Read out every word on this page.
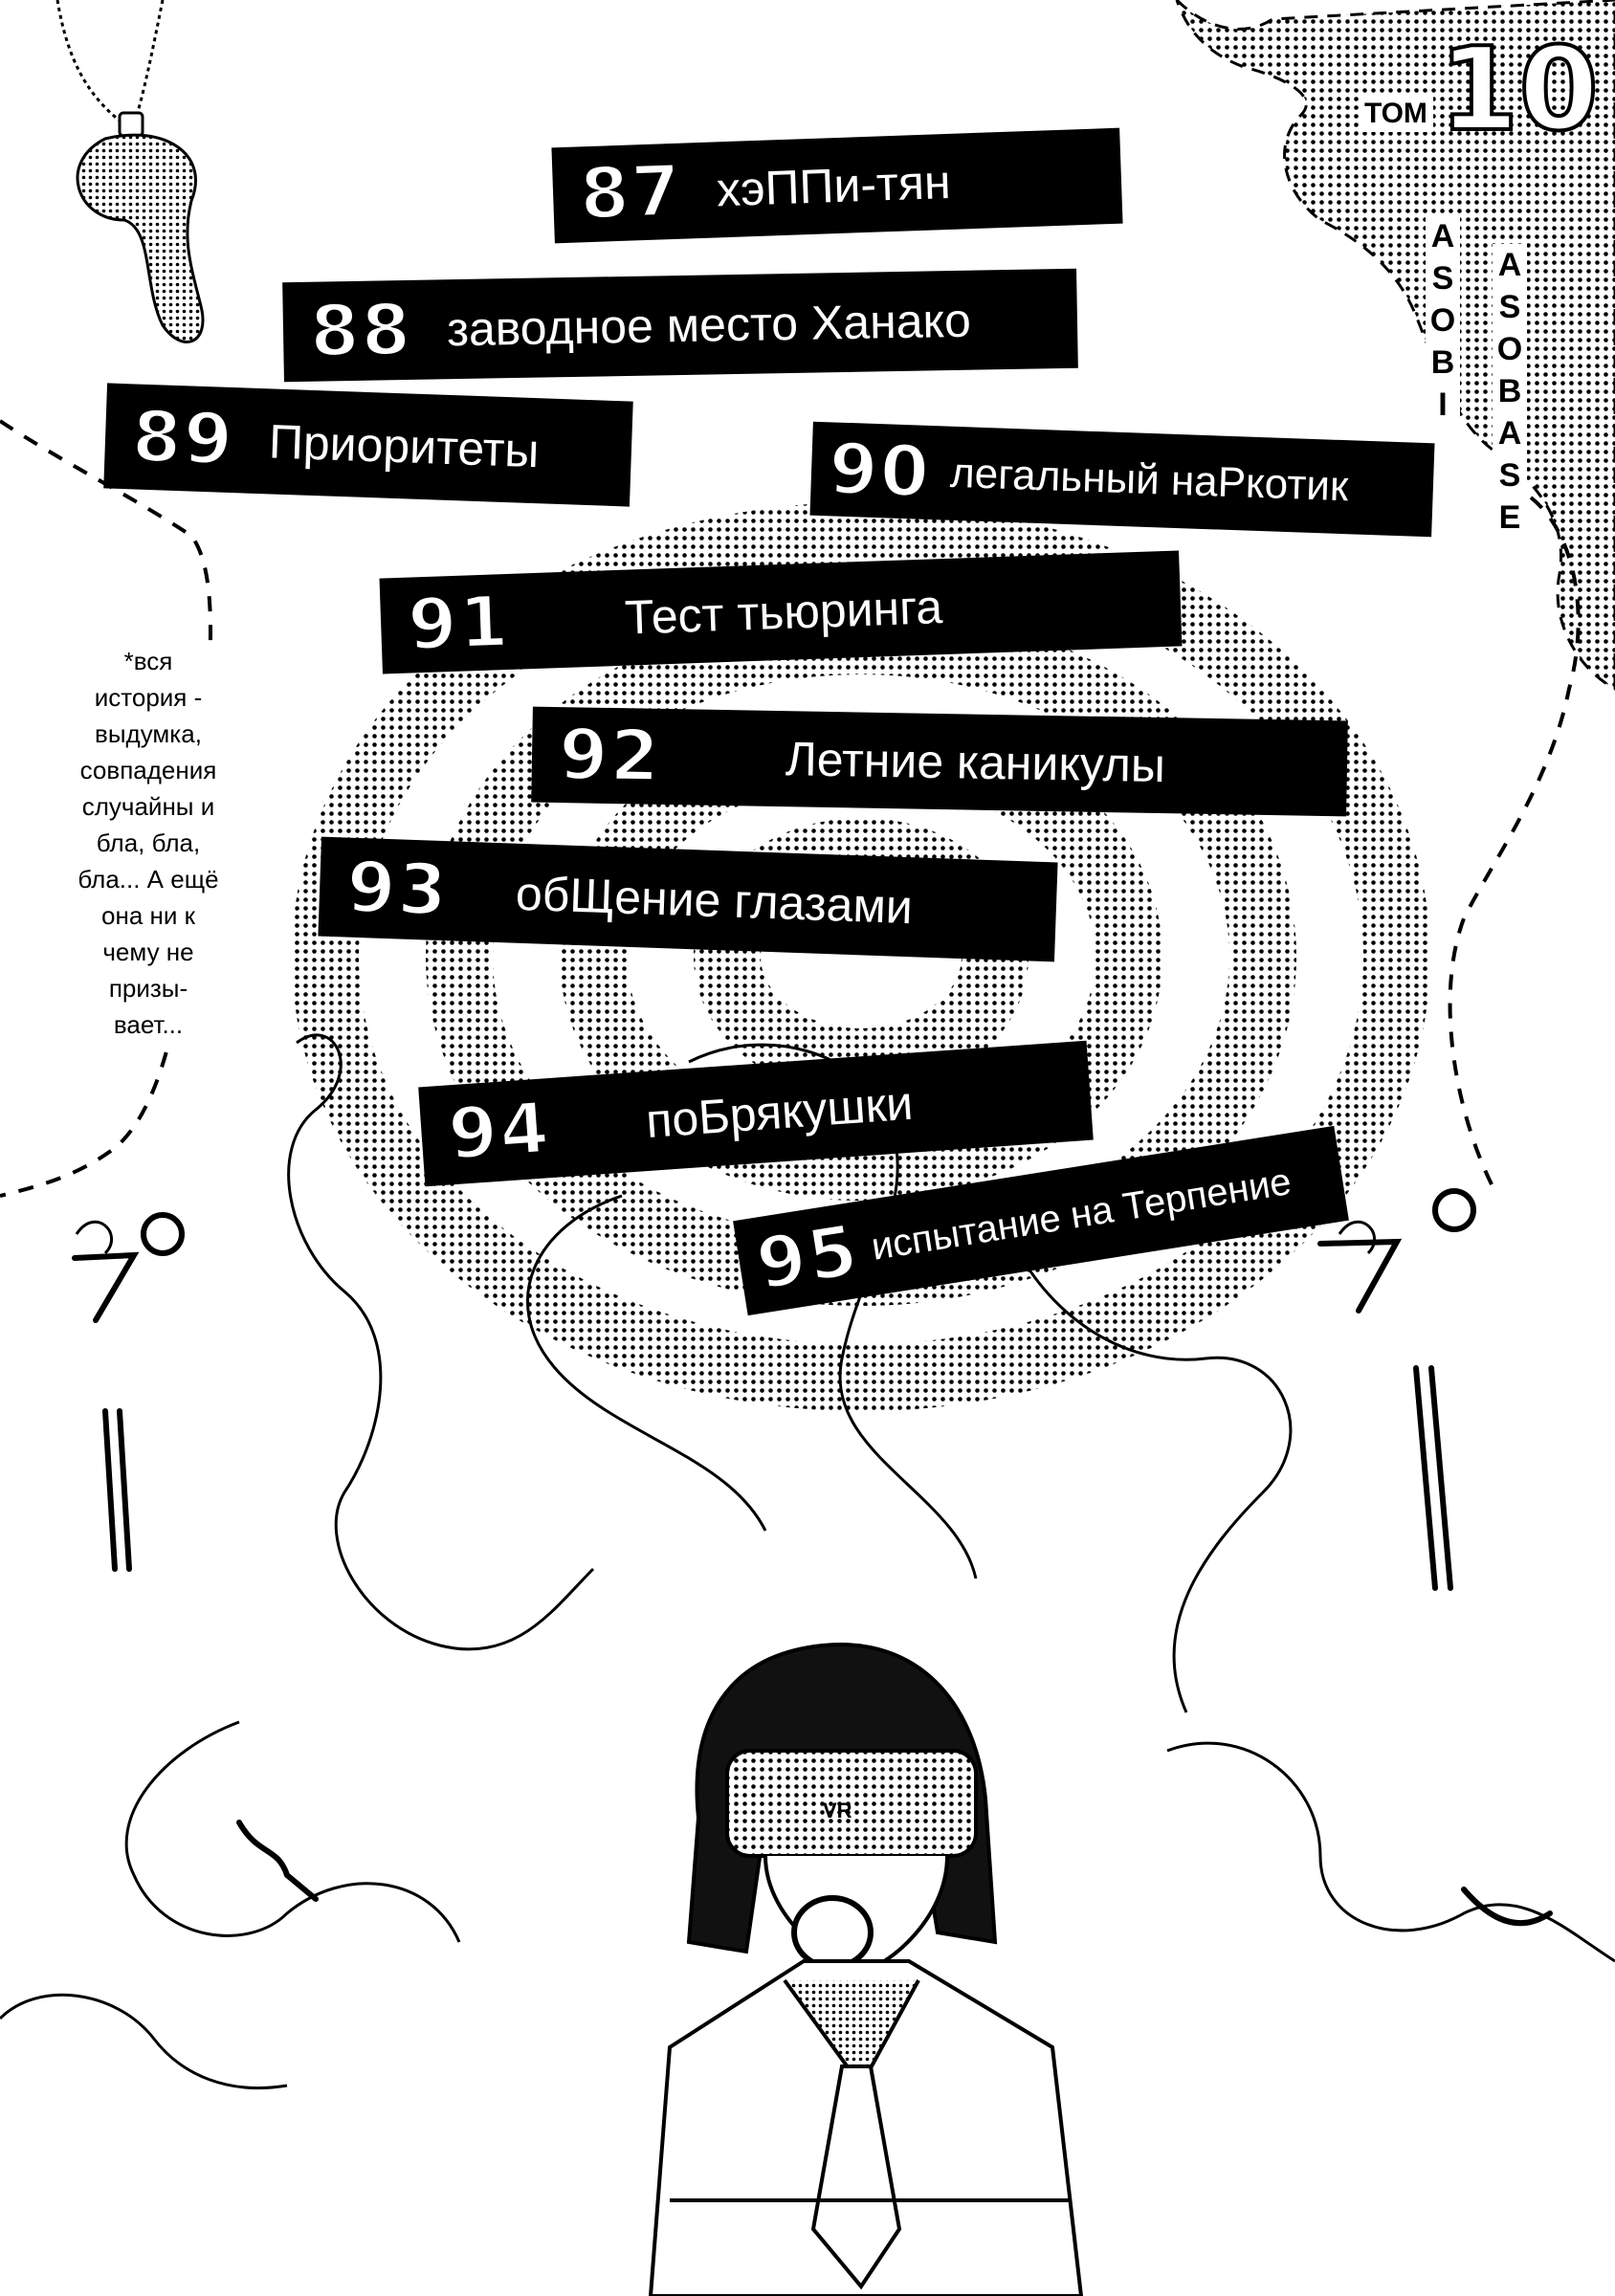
VR
ТОМ 10
A
S
O
B
I
A
S
O
B
A
S
E
87 хэППи-тян
88 заводное место Ханако
89 Приоритеты	90 легальный наРкотик
91 Тест тьюринга
92	Летние каникулы
93 обЩение глазами
94 поБрякушки
95 испытание на Терпение
*вся история - выдумка, совпадения случайны и бла, бла, бла... А ещё она ни к чему не призы- вает...
